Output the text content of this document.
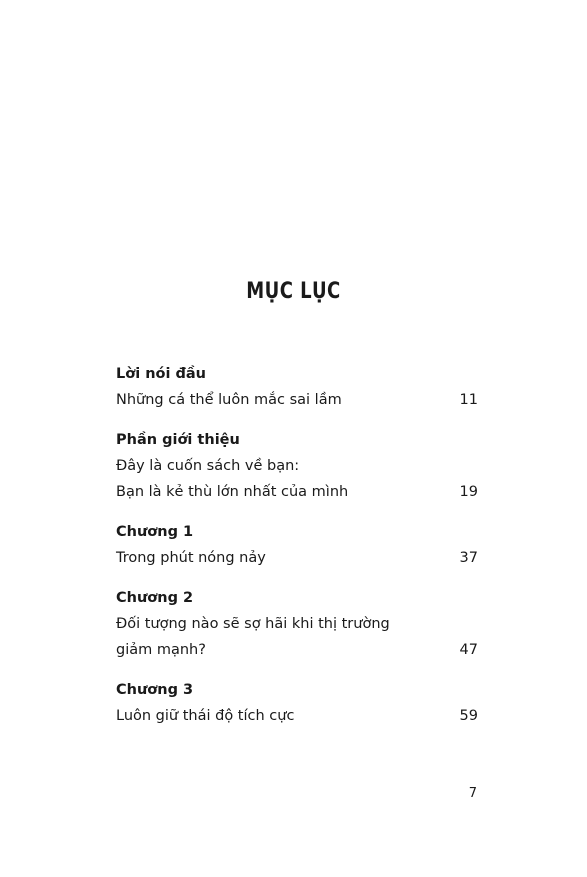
MỤC LỤC
Lời nói đầu
Những cá thể luôn mắc sai lầm	11
Phần giới thiệu
Đây là cuốn sách về bạn:
Bạn là kẻ thù lớn nhất của mình	19
Chương 1
Trong phút nóng nảy	37
Chương 2
Đối tượng nào sẽ sợ hãi khi thị trường
giảm mạnh?	47
Chương 3
Luôn giữ thái độ tích cực	59
7
